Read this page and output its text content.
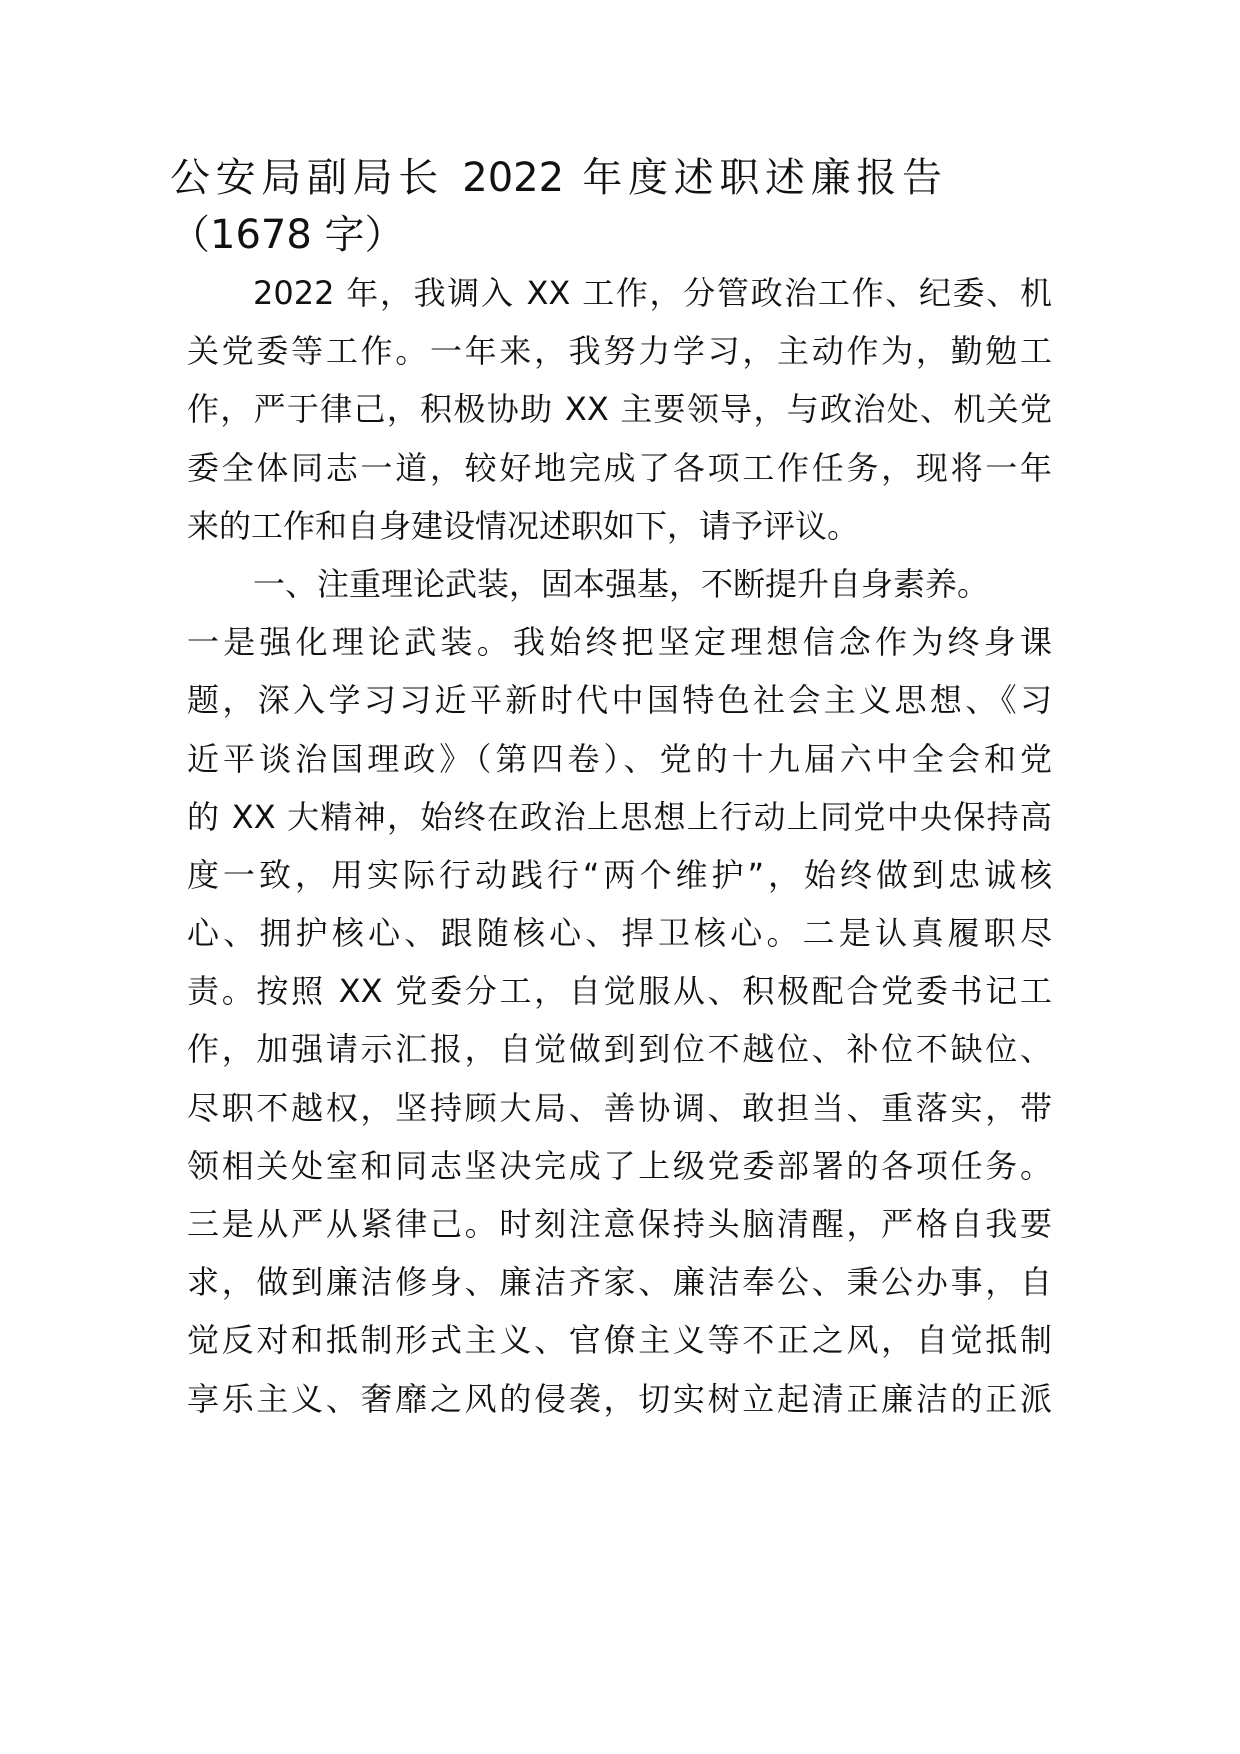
公安局副局长 2022 年度述职述廉报告
（1678 字）
2022 年，我调入 XX 工作，分管政治工作、纪委、机
关党委等工作。一年来，我努力学习，主动作为，勤勉工
作，严于律己，积极协助 XX 主要领导，与政治处、机关党
委全体同志一道，较好地完成了各项工作任务，现将一年
来的工作和自身建设情况述职如下，请予评议。
一、注重理论武装，固本强基，不断提升自身素养。
一是强化理论武装。我始终把坚定理想信念作为终身课
题，深入学习习近平新时代中国特色社会主义思想、《习
近平谈治国理政》（第四卷）、党的十九届六中全会和党
的 XX 大精神，始终在政治上思想上行动上同党中央保持高
度一致，用实际行动践行“两个维护”，始终做到忠诚核
心、拥护核心、跟随核心、捍卫核心。二是认真履职尽
责。按照 XX 党委分工，自觉服从、积极配合党委书记工
作，加强请示汇报，自觉做到到位不越位、补位不缺位、
尽职不越权，坚持顾大局、善协调、敢担当、重落实，带
领相关处室和同志坚决完成了上级党委部署的各项任务。
三是从严从紧律己。时刻注意保持头脑清醒，严格自我要
求，做到廉洁修身、廉洁齐家、廉洁奉公、秉公办事，自
觉反对和抵制形式主义、官僚主义等不正之风，自觉抵制
享乐主义、奢靡之风的侵袭，切实树立起清正廉洁的正派
